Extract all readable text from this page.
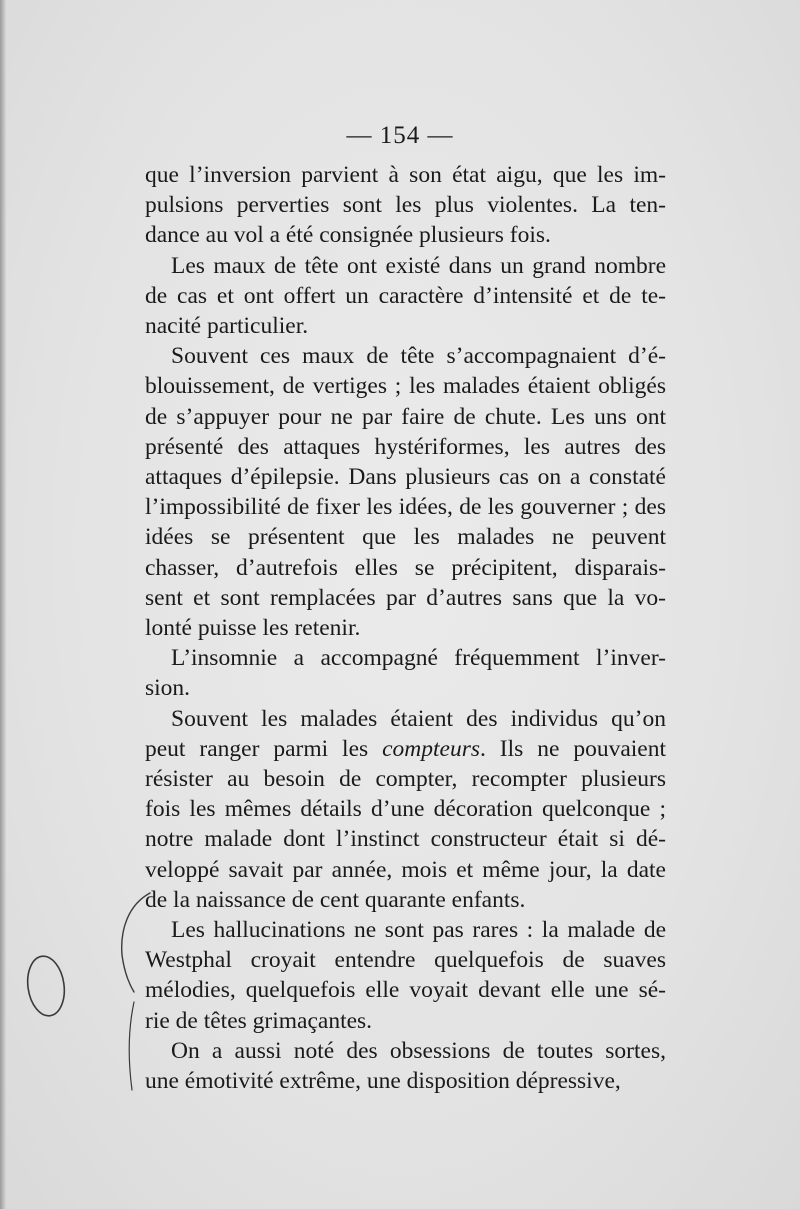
— 154 —
que l’inversion parvient à son état aigu, que les im-
pulsions perverties sont les plus violentes. La ten-
dance au vol a été consignée plusieurs fois.
Les maux de tête ont existé dans un grand nombre
de cas et ont offert un caractère d’intensité et de te-
nacité particulier.
Souvent ces maux de tête s’accompagnaient d’é-
blouissement, de vertiges ; les malades étaient obligés
de s’appuyer pour ne par faire de chute. Les uns ont
présenté des attaques hystériformes, les autres des
attaques d’épilepsie. Dans plusieurs cas on a constaté
l’impossibilité de fixer les idées, de les gouverner ; des
idées se présentent que les malades ne peuvent
chasser, d’autrefois elles se précipitent, disparais-
sent et sont remplacées par d’autres sans que la vo-
lonté puisse les retenir.
L’insomnie a accompagné fréquemment l’inver-
sion.
Souvent les malades étaient des individus qu’on
peut ranger parmi les compteurs. Ils ne pouvaient
résister au besoin de compter, recompter plusieurs
fois les mêmes détails d’une décoration quelconque ;
notre malade dont l’instinct constructeur était si dé-
veloppé savait par année, mois et même jour, la date
de la naissance de cent quarante enfants.
Les hallucinations ne sont pas rares : la malade de
Westphal croyait entendre quelquefois de suaves
mélodies, quelquefois elle voyait devant elle une sé-
rie de têtes grimaçantes.
On a aussi noté des obsessions de toutes sortes,
une émotivité extrême, une disposition dépressive,
